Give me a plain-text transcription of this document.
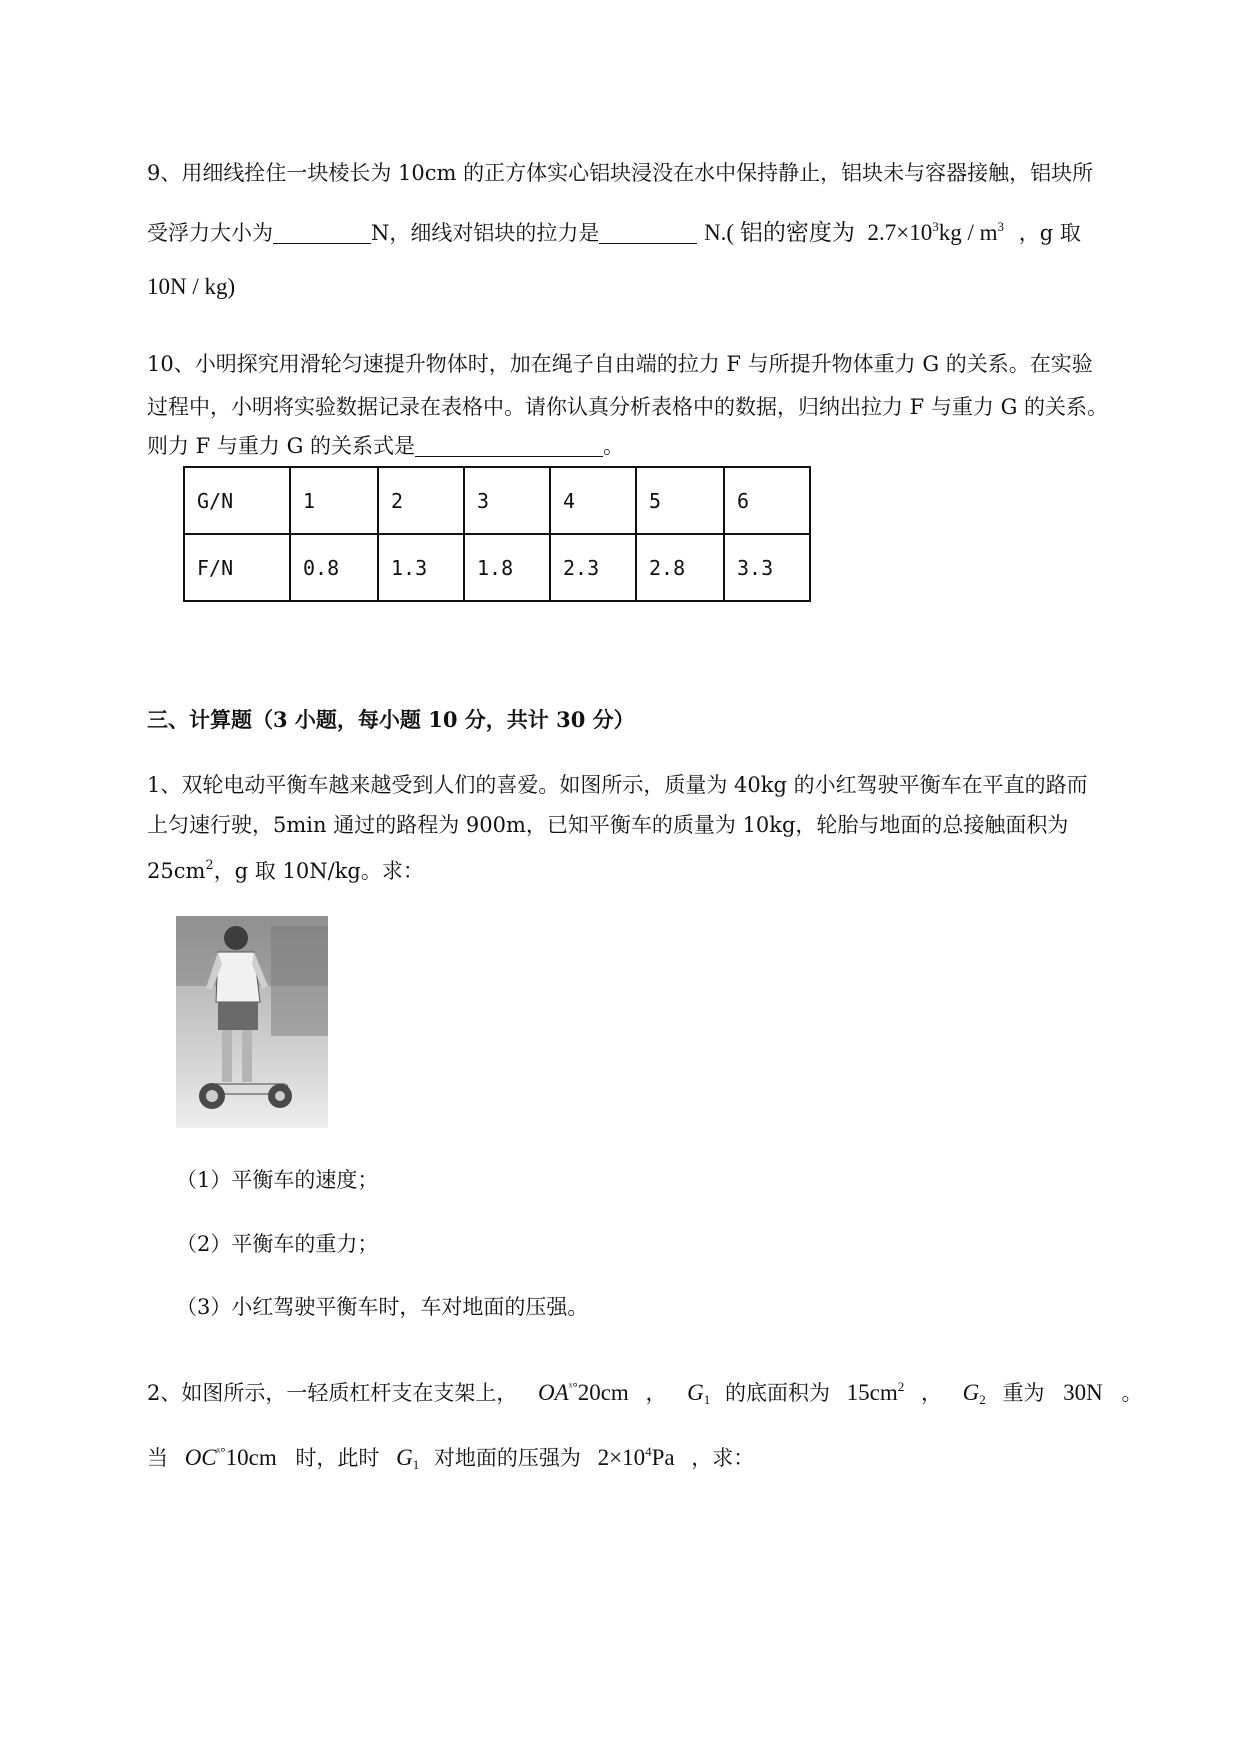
9、用细线拴住一块棱长为 10cm 的正方体实心铝块浸没在水中保持静止，铝块未与容器接触，铝块所
受浮力大小为	N，细线对铝块的拉力是	N.( 铝的密度为 $2.7\times 10^3kg / m^3$ ，g 取
10N / kg)
10、小明探究用滑轮匀速提升物体时，加在绳子自由端的拉力 F 与所提升物体重力 G 的关系。在实验
过程中，小明将实验数据记录在表格中。请你认真分析表格中的数据，归纳出拉力 F 与重力 G 的关系。
则力 F 与重力 G 的关系式是	。
G/N	1	2	3	4	5	6
F/N	0.8	1.3	1.8	2.3	2.8	3.3
三、计算题（3 小题，每小题 10 分，共计 30 分）
1、双轮电动平衡车越来越受到人们的喜爱。如图所示，质量为 40kg 的小红驾驶平衡车在平直的路而
上匀速行驶，5min 通过的路程为 900m，已知平衡车的质量为 10kg，轮胎与地面的总接触面积为
$25cm^2$，g 取 10N/kg。求：
（1）平衡车的速度；
（2）平衡车的重力；
（3）小红驾驶平衡车时，车对地面的压强。
2、如图所示，一轻质杠杆支在支架上， $OA^{ˣ^\circ}20cm$ ， $G_1$ 的底面积为 $15cm^2$ ， $G_2$ 重为 30N 。
当 $OC^{ˣ^\circ}10cm$ 时，此时 $G_1$ 对地面的压强为 $2\times 10^4Pa$ ，求：
